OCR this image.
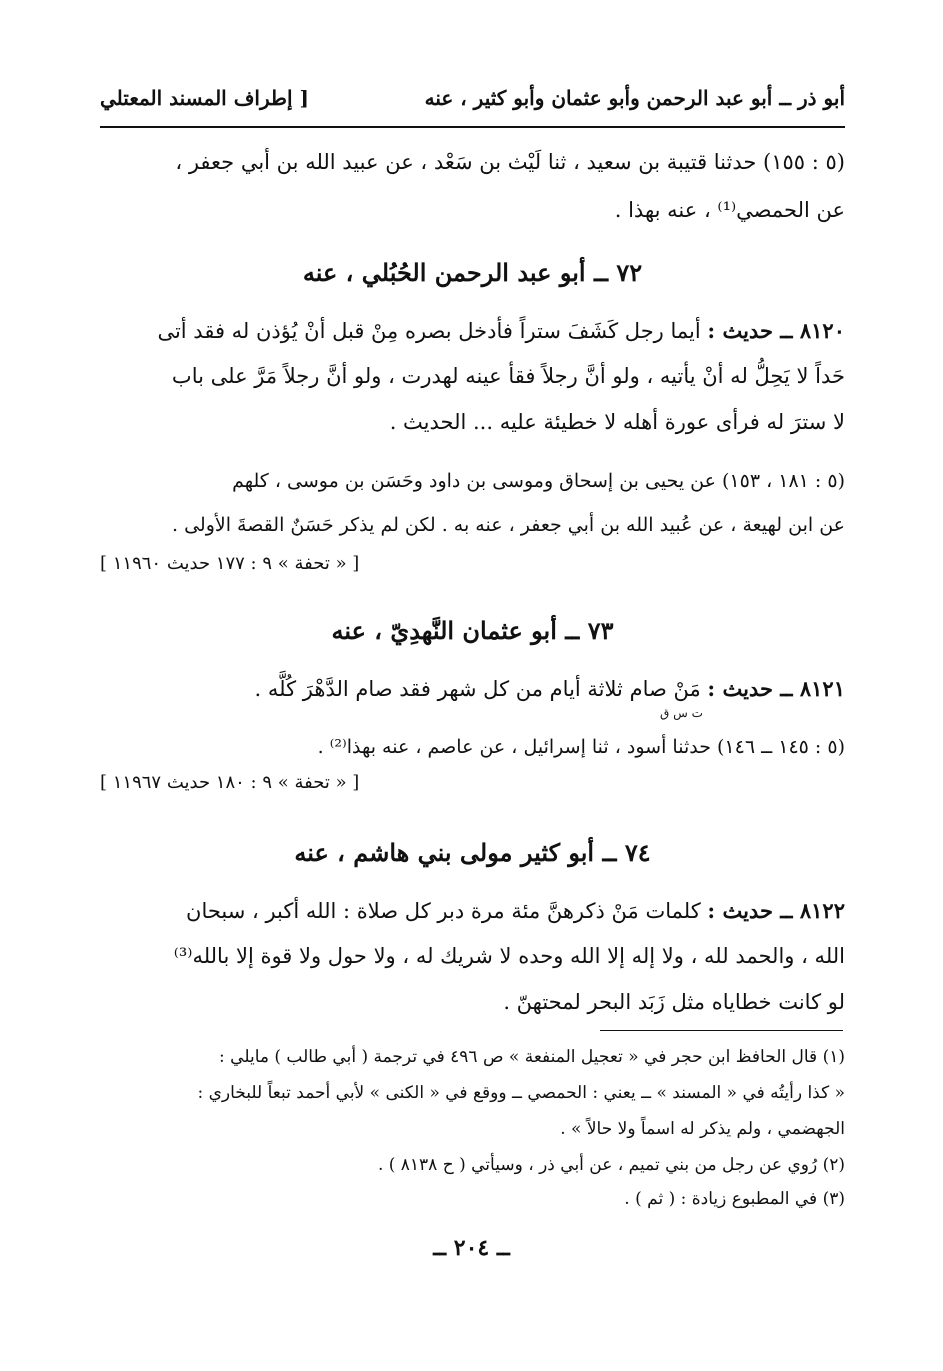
أبو ذر ــ أبو عبد الرحمن وأبو عثمان وأبو كثير ، عنه
[ إطراف المسند المعتلي
(٥ : ١٥٥) حدثنا قتيبة بن سعيد ، ثنا لَيْث بن سَعْد ، عن عبيد الله بن أبي جعفر ،
عن الحمصي⁽¹⁾ ، عنه بهذا .
٧٢ ــ أبو عبد الرحمن الحُبُلي ، عنه
٨١٢٠ ــ حديث : أيما رجل كَشَفَ ستراً فأدخل بصره مِنْ قبل أنْ يُؤذن له فقد أتى
حَداً لا يَحِلُّ له أنْ يأتيه ، ولو أنَّ رجلاً فقأ عينه لهدرت ، ولو أنَّ رجلاً مَرَّ على باب
لا سترَ له فرأى عورة أهله لا خطيئة عليه ... الحديث .
(٥ : ١٨١ ، ١٥٣) عن يحيى بن إسحاق وموسى بن داود وحَسَن بن موسى ، كلهم
عن ابن لهيعة ، عن عُبيد الله بن أبي جعفر ، عنه به . لكن لم يذكر حَسَنٌ القصةَ الأولى .
[ « تحفة » ٩ : ١٧٧ حديث ١١٩٦٠ ]
٧٣ ــ أبو عثمان النَّهدِيّ ، عنه
٨١٢١ ــ حديث : مَنْ صام ثلاثة أيام من كل شهر فقد صام الدَّهْرَ كُلَّه .
ت س ق
(٥ : ١٤٥ ــ ١٤٦) حدثنا أسود ، ثنا إسرائيل ، عن عاصم ، عنه بهذا⁽²⁾ .
[ « تحفة » ٩ : ١٨٠ حديث ١١٩٦٧ ]
٧٤ ــ أبو كثير مولى بني هاشم ، عنه
٨١٢٢ ــ حديث : كلمات مَنْ ذكرهنَّ مئة مرة دبر كل صلاة : الله أكبر ، سبحان
الله ، والحمد لله ، ولا إله إلا الله وحده لا شريك له ، ولا حول ولا قوة إلا بالله⁽³⁾
لو كانت خطاياه مثل زَبَد البحر لمحتهنّ .
(١) قال الحافظ ابن حجر في « تعجيل المنفعة » ص ٤٩٦ في ترجمة ( أبي طالب ) مايلي :
« كذا رأيتُه في « المسند » ــ يعني : الحمصي ــ ووقع في « الكنى » لأبي أحمد تبعاً للبخاري :
الجهضمي ، ولم يذكر له اسماً ولا حالاً » .
(٢) رُوي عن رجل من بني تميم ، عن أبي ذر ، وسيأتي ( ح ٨١٣٨ ) .
(٣) في المطبوع زيادة : ( ثم ) .
ــ ٢٠٤ ــ
